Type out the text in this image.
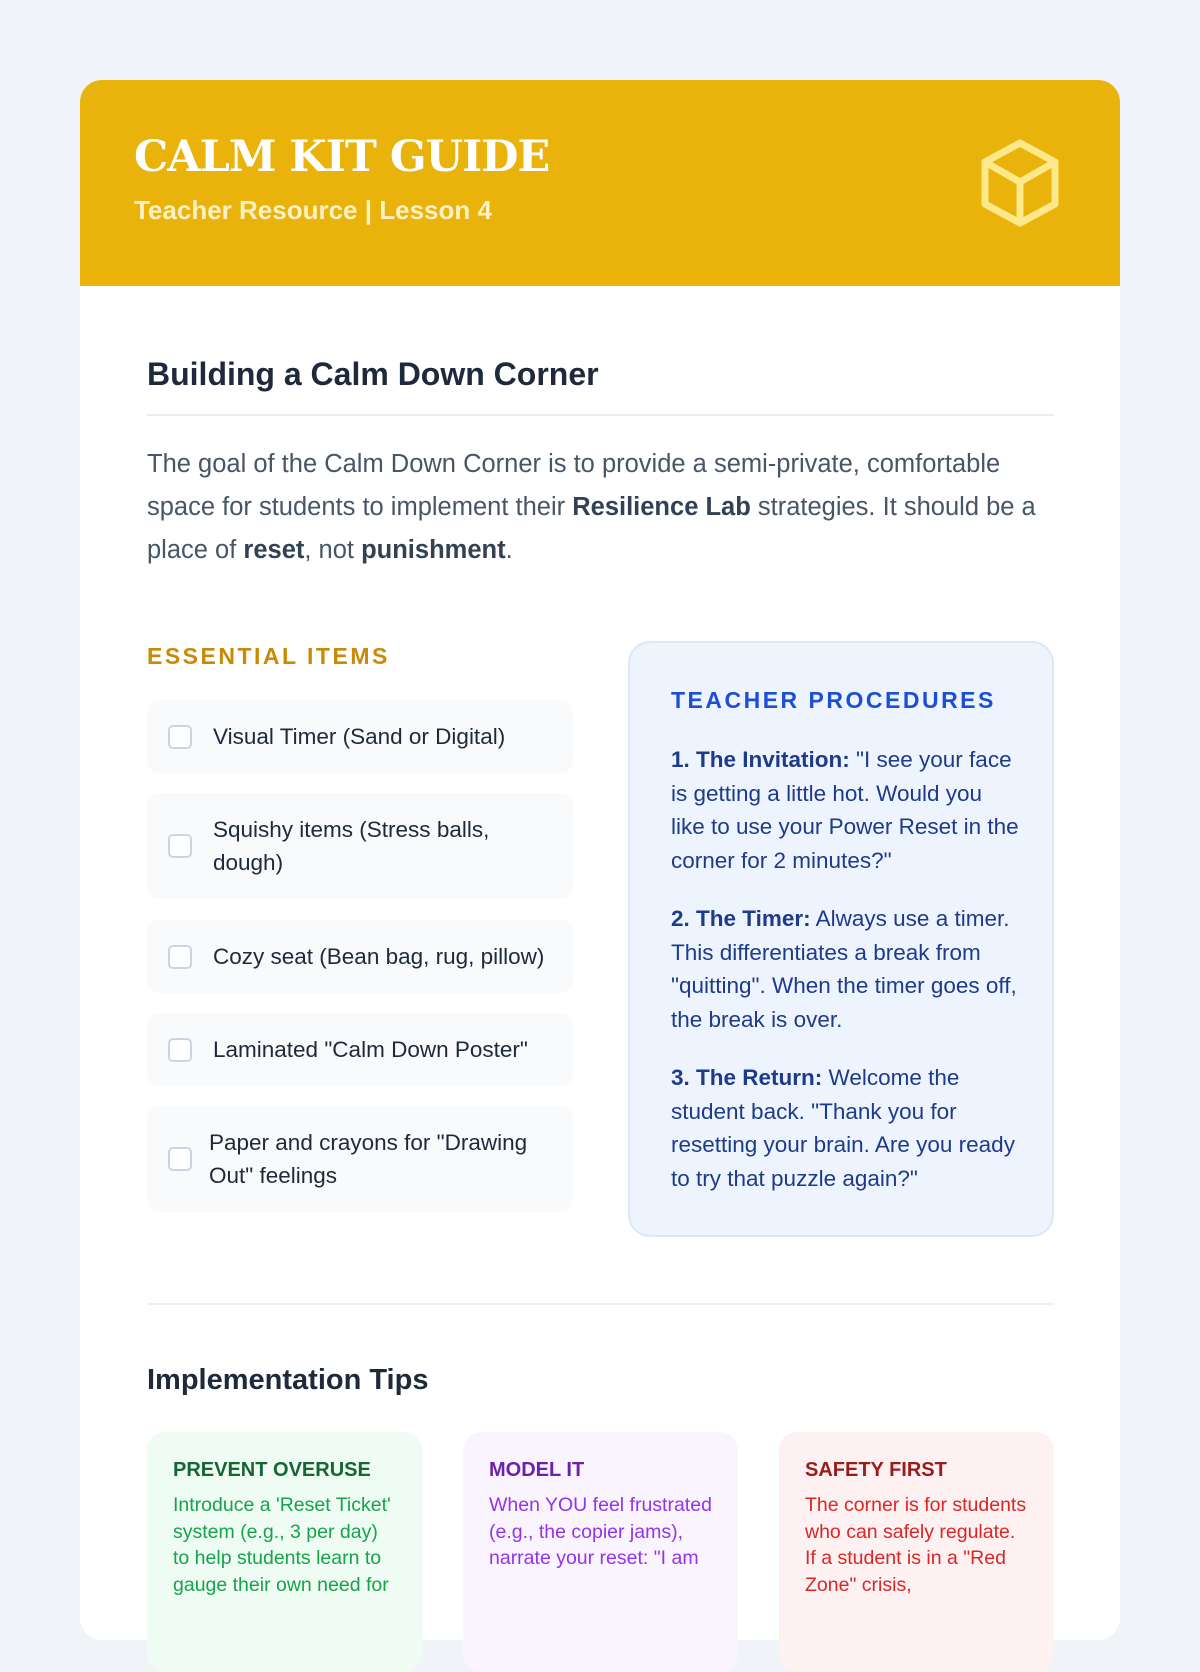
CALM KIT GUIDE
Teacher Resource | Lesson 4
Building a Calm Down Corner

The goal of the Calm Down Corner is to provide a semi-private, comfortable space for students to implement their Resilience Lab strategies. It should be a place of reset, not punishment.

ESSENTIAL ITEMS
Visual Timer (Sand or Digital)
Squishy items (Stress balls, dough)
Cozy seat (Bean bag, rug, pillow)
Laminated "Calm Down Poster"
Paper and crayons for "Drawing Out" feelings
TEACHER PROCEDURES

1. The Invitation: "I see your face is getting a little hot. Would you like to use your Power Reset in the corner for 2 minutes?"

2. The Timer: Always use a timer. This differentiates a break from "quitting". When the timer goes off, the break is over.

3. The Return: Welcome the student back. "Thank you for resetting your brain. Are you ready to try that puzzle again?"

Implementation Tips
PREVENT OVERUSE

Introduce a 'Reset Ticket' system (e.g., 3 per day) to help students learn to gauge their own need for

MODEL IT

When YOU feel frustrated (e.g., the copier jams), narrate your reset: "I am

SAFETY FIRST

The corner is for students who can safely regulate. If a student is in a "Red Zone" crisis,
